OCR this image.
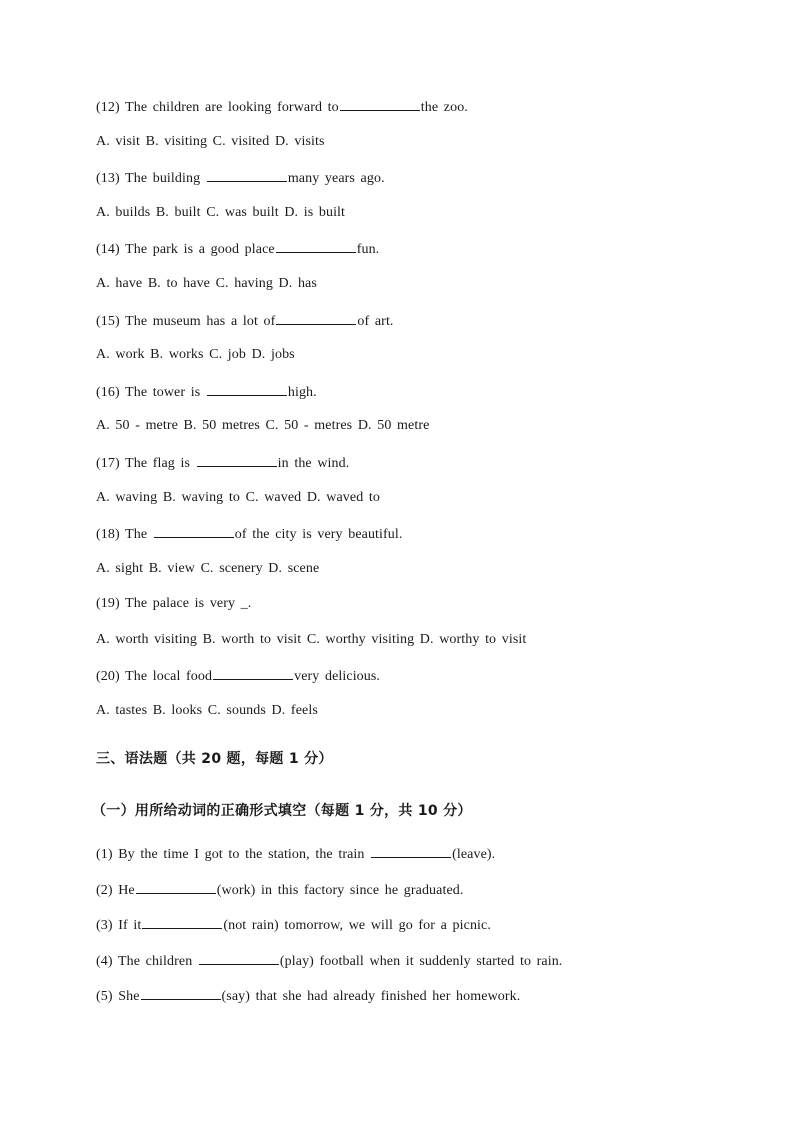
(12) The children are looking forward to	the zoo.
A. visit B. visiting C. visited D. visits
(13) The building	many years ago.
A. builds B. built C. was built D. is built
(14) The park is a good place	fun.
A. have B. to have C. having D. has
(15) The museum has a lot of	of art.
A. work B. works C. job D. jobs
(16) The tower is	high.
A. 50 - metre B. 50 metres C. 50 - metres D. 50 metre
(17) The flag is	in the wind.
A. waving B. waving to C. waved D. waved to
(18) The	of the city is very beautiful.
A. sight B. view C. scenery D. scene
(19) The palace is very _.
A. worth visiting B. worth to visit C. worthy visiting D. worthy to visit
(20) The local food	very delicious.
A. tastes B. looks C. sounds D. feels
三、语法题（共 20 题，每题 1 分）
（一）用所给动词的正确形式填空（每题 1 分，共 10 分）
(1) By the time I got to the station, the train	(leave).
(2) He	(work) in this factory since he graduated.
(3) If it	(not rain) tomorrow, we will go for a picnic.
(4) The children	(play) football when it suddenly started to rain.
(5) She	(say) that she had already finished her homework.
